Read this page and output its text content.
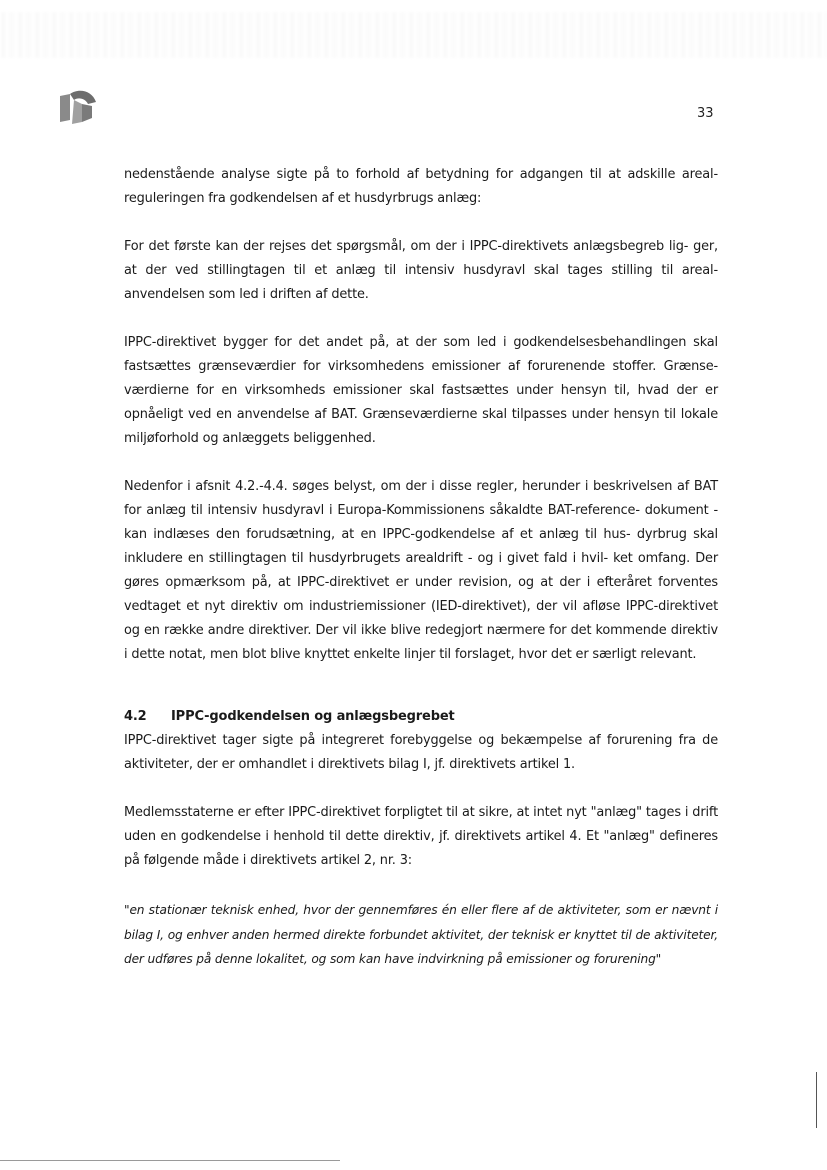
33

nedenstående analyse sigte på to forhold af betydning for adgangen til at adskille areal- reguleringen fra godkendelsen af et husdyrbrugs anlæg:

For det første kan der rejses det spørgsmål, om der i IPPC-direktivets anlægsbegreb lig- ger, at der ved stillingtagen til et anlæg til intensiv husdyravl skal tages stilling til areal- anvendelsen som led i driften af dette.

IPPC-direktivet bygger for det andet på, at der som led i godkendelsesbehandlingen skal fastsættes grænseværdier for virksomhedens emissioner af forurenende stoffer. Grænse- værdierne for en virksomheds emissioner skal fastsættes under hensyn til, hvad der er opnåeligt ved en anvendelse af BAT. Grænseværdierne skal tilpasses under hensyn til lokale miljøforhold og anlæggets beliggenhed.

Nedenfor i afsnit 4.2.-4.4. søges belyst, om der i disse regler, herunder i beskrivelsen af BAT for anlæg til intensiv husdyravl i Europa-Kommissionens såkaldte BAT-reference- dokument - kan indlæses den forudsætning, at en IPPC-godkendelse af et anlæg til hus- dyrbrug skal inkludere en stillingtagen til husdyrbrugets arealdrift - og i givet fald i hvil- ket omfang. Der gøres opmærksom på, at IPPC-direktivet er under revision, og at der i efteråret forventes vedtaget et nyt direktiv om industriemissioner (IED-direktivet), der vil afløse IPPC-direktivet og en række andre direktiver. Der vil ikke blive redegjort nærmere for det kommende direktiv i dette notat, men blot blive knyttet enkelte linjer til forslaget, hvor det er særligt relevant.

4.2 IPPC-godkendelsen og anlægsbegrebet

IPPC-direktivet tager sigte på integreret forebyggelse og bekæmpelse af forurening fra de aktiviteter, der er omhandlet i direktivets bilag I, jf. direktivets artikel 1.

Medlemsstaterne er efter IPPC-direktivet forpligtet til at sikre, at intet nyt "anlæg" tages i drift uden en godkendelse i henhold til dette direktiv, jf. direktivets artikel 4. Et "anlæg" defineres på følgende måde i direktivets artikel 2, nr. 3:

"en stationær teknisk enhed, hvor der gennemføres én eller flere af de aktiviteter, som er nævnt i bilag I, og enhver anden hermed direkte forbundet aktivitet, der teknisk er knyttet til de aktiviteter, der udføres på denne lokalitet, og som kan have indvirkning på emissioner og forurening"
